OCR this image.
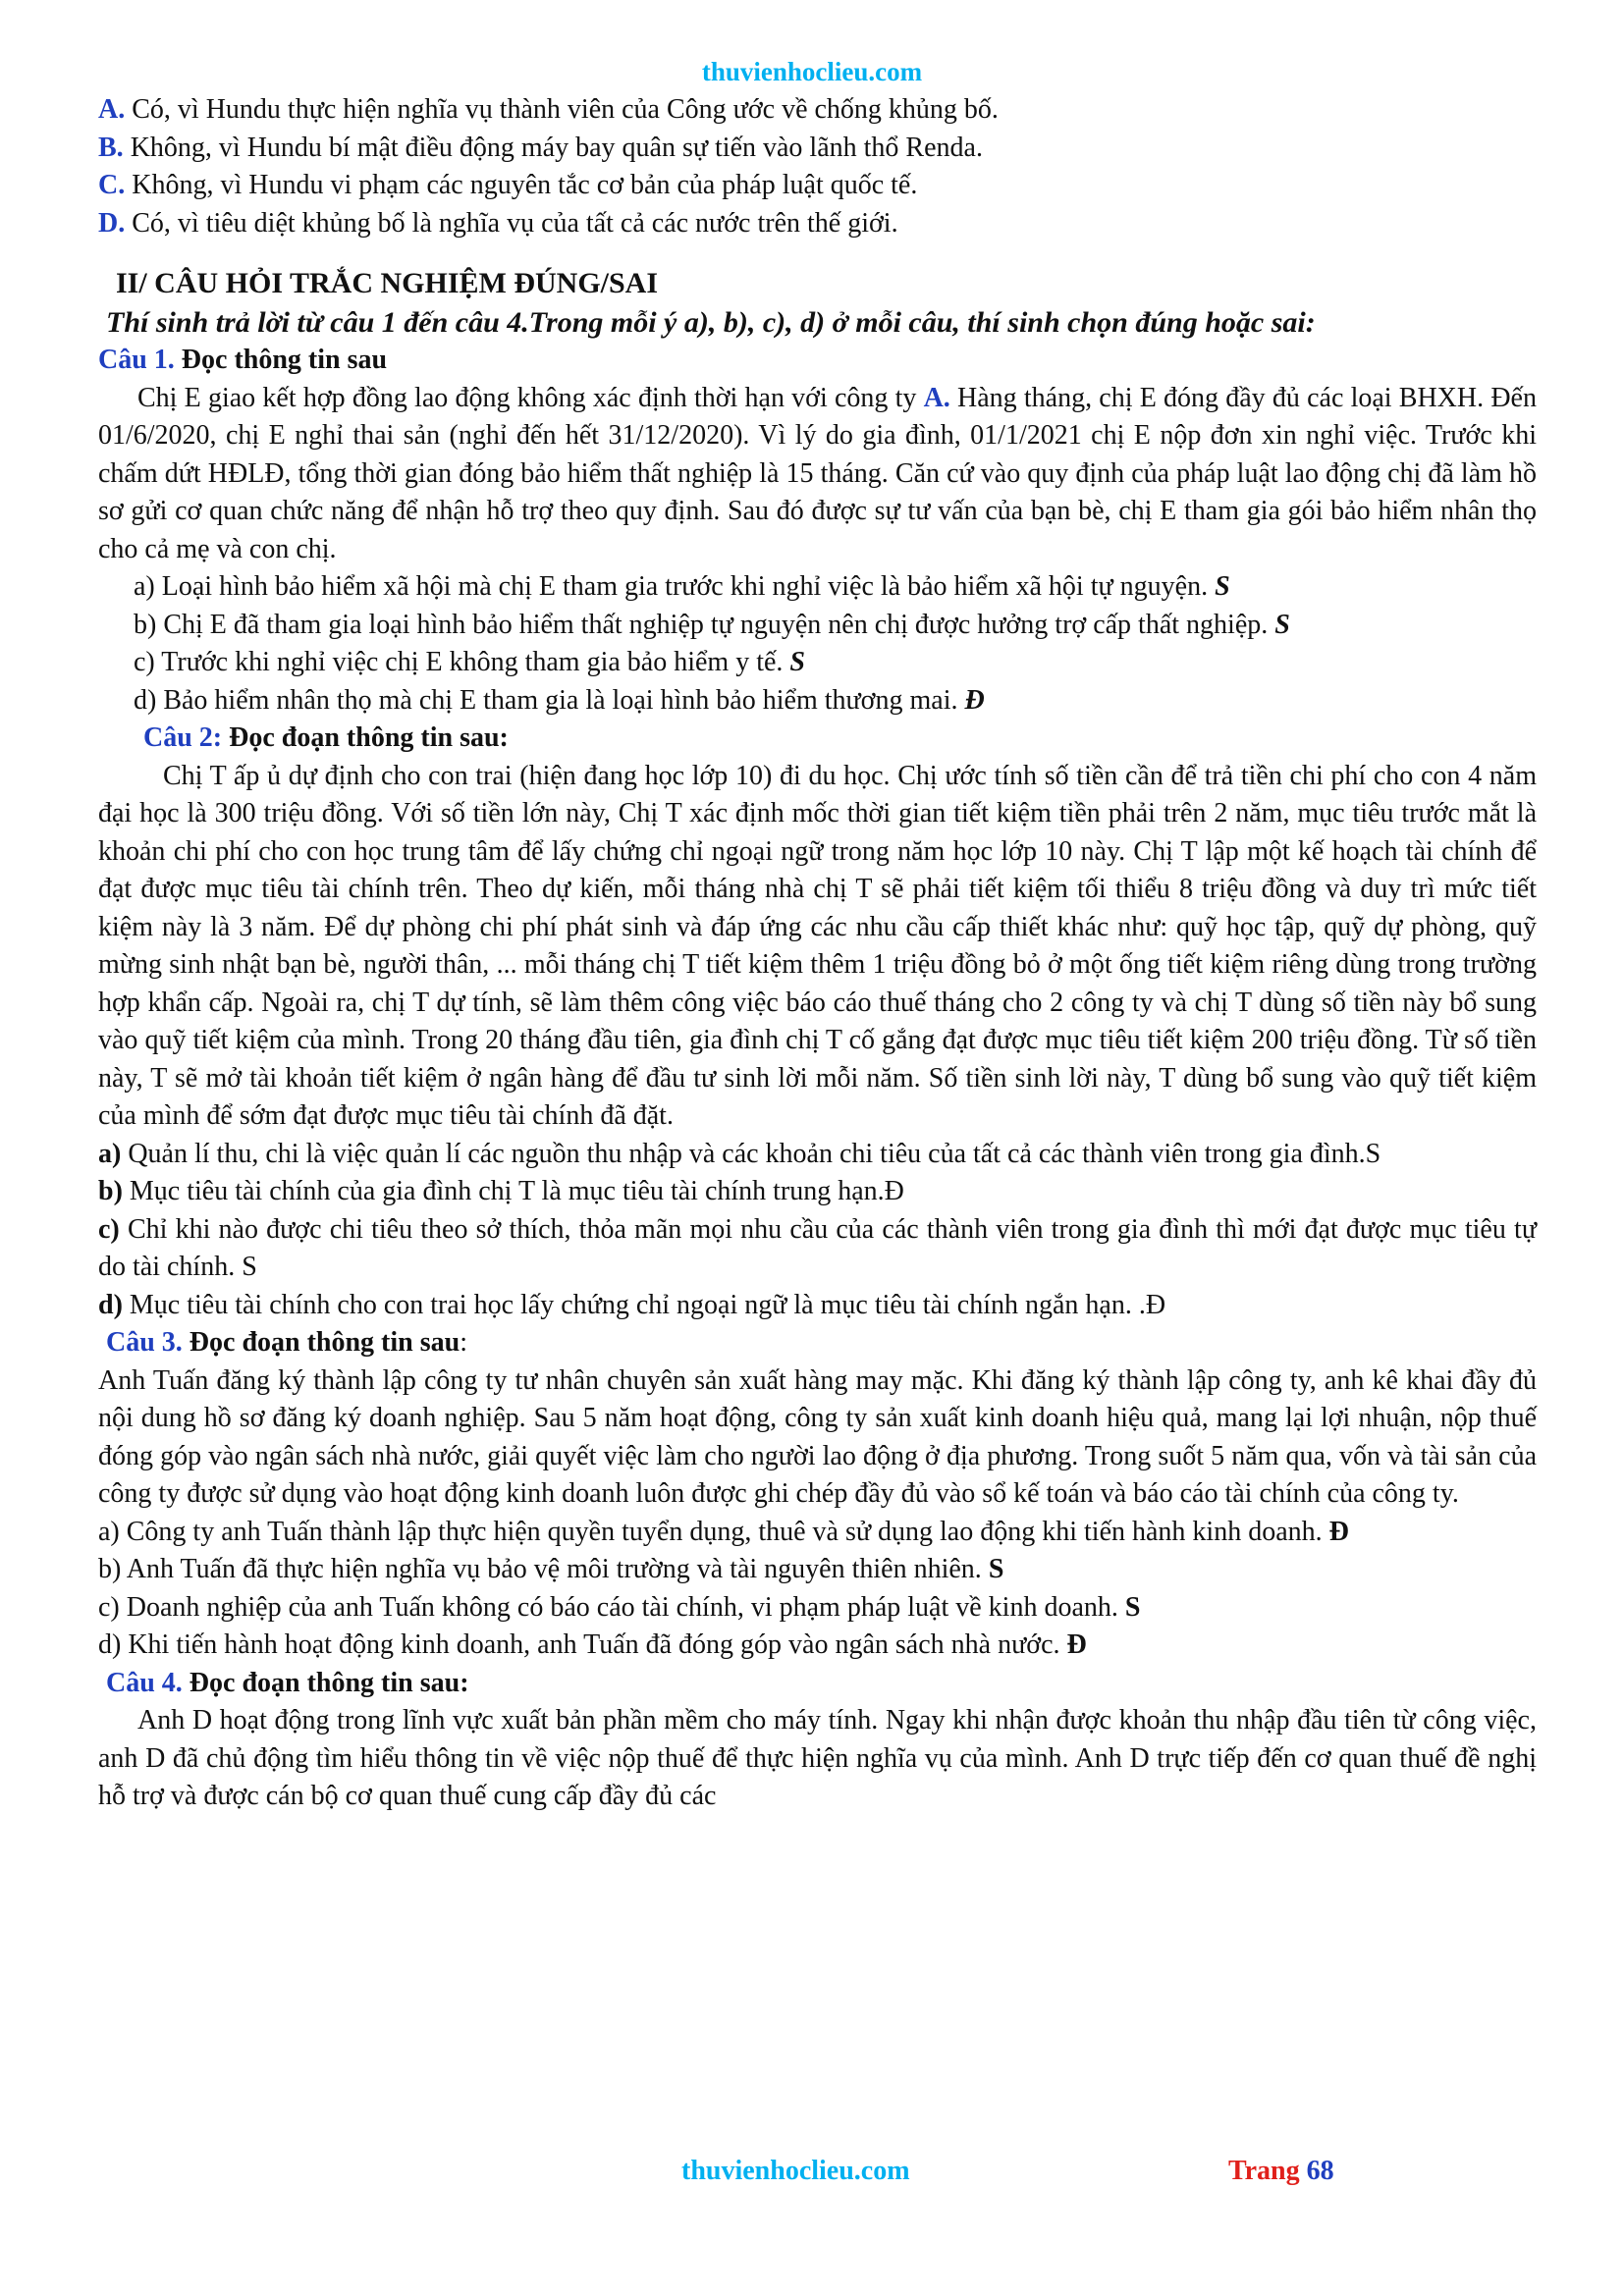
thuvienhoclieu.com

A. Có, vì Hundu thực hiện nghĩa vụ thành viên của Công ước về chống khủng bố.

B. Không, vì Hundu bí mật điều động máy bay quân sự tiến vào lãnh thổ Renda.

C. Không, vì Hundu vi phạm các nguyên tắc cơ bản của pháp luật quốc tế.

D. Có, vì tiêu diệt khủng bố là nghĩa vụ của tất cả các nước trên thế giới.

II/ CÂU HỎI TRẮC NGHIỆM ĐÚNG/SAI

Thí sinh trả lời từ câu 1 đến câu 4.Trong mỗi ý a), b), c), d) ở mỗi câu, thí sinh chọn đúng hoặc sai:

Câu 1. Đọc thông tin sau

Chị E giao kết hợp đồng lao động không xác định thời hạn với công ty A. Hàng tháng, chị E đóng đầy đủ các loại BHXH. Đến 01/6/2020, chị E nghỉ thai sản (nghỉ đến hết 31/12/2020). Vì lý do gia đình, 01/1/2021 chị E nộp đơn xin nghỉ việc. Trước khi chấm dứt HĐLĐ, tổng thời gian đóng bảo hiểm thất nghiệp là 15 tháng. Căn cứ vào quy định của pháp luật lao động chị đã làm hồ sơ gửi cơ quan chức năng để nhận hỗ trợ theo quy định. Sau đó được sự tư vấn của bạn bè, chị E tham gia gói bảo hiểm nhân thọ cho cả mẹ và con chị.

a) Loại hình bảo hiểm xã hội mà chị E tham gia trước khi nghỉ việc là bảo hiểm xã hội tự nguyện. S

b) Chị E đã tham gia loại hình bảo hiểm thất nghiệp tự nguyện nên chị được hưởng trợ cấp thất nghiệp. S

c) Trước khi nghỉ việc chị E không tham gia bảo hiểm y tế. S

d) Bảo hiểm nhân thọ mà chị E tham gia là loại hình bảo hiểm thương mai. Đ

Câu 2: Đọc đoạn thông tin sau:

Chị T ấp ủ dự định cho con trai (hiện đang học lớp 10) đi du học. Chị ước tính số tiền cần để trả tiền chi phí cho con 4 năm đại học là 300 triệu đồng. Với số tiền lớn này, Chị T xác định mốc thời gian tiết kiệm tiền phải trên 2 năm, mục tiêu trước mắt là khoản chi phí cho con học trung tâm để lấy chứng chỉ ngoại ngữ trong năm học lớp 10 này. Chị T lập một kế hoạch tài chính để đạt được mục tiêu tài chính trên. Theo dự kiến, mỗi tháng nhà chị T sẽ phải tiết kiệm tối thiểu 8 triệu đồng và duy trì mức tiết kiệm này là 3 năm. Để dự phòng chi phí phát sinh và đáp ứng các nhu cầu cấp thiết khác như: quỹ học tập, quỹ dự phòng, quỹ mừng sinh nhật bạn bè, người thân, ... mỗi tháng chị T tiết kiệm thêm 1 triệu đồng bỏ ở một ống tiết kiệm riêng dùng trong trường hợp khẩn cấp. Ngoài ra, chị T dự tính, sẽ làm thêm công việc báo cáo thuế tháng cho 2 công ty và chị T dùng số tiền này bổ sung vào quỹ tiết kiệm của mình. Trong 20 tháng đầu tiên, gia đình chị T cố gắng đạt được mục tiêu tiết kiệm 200 triệu đồng. Từ số tiền này, T sẽ mở tài khoản tiết kiệm ở ngân hàng để đầu tư sinh lời mỗi năm. Số tiền sinh lời này, T dùng bổ sung vào quỹ tiết kiệm của mình để sớm đạt được mục tiêu tài chính đã đặt.

a) Quản lí thu, chi là việc quản lí các nguồn thu nhập và các khoản chi tiêu của tất cả các thành viên trong gia đình.S

b) Mục tiêu tài chính của gia đình chị T là mục tiêu tài chính trung hạn.Đ

c) Chỉ khi nào được chi tiêu theo sở thích, thỏa mãn mọi nhu cầu của các thành viên trong gia đình thì mới đạt được mục tiêu tự do tài chính. S

d) Mục tiêu tài chính cho con trai học lấy chứng chỉ ngoại ngữ là mục tiêu tài chính ngắn hạn. .Đ

Câu 3. Đọc đoạn thông tin sau:

Anh Tuấn đăng ký thành lập công ty tư nhân chuyên sản xuất hàng may mặc. Khi đăng ký thành lập công ty, anh kê khai đầy đủ nội dung hồ sơ đăng ký doanh nghiệp. Sau 5 năm hoạt động, công ty sản xuất kinh doanh hiệu quả, mang lại lợi nhuận, nộp thuế đóng góp vào ngân sách nhà nước, giải quyết việc làm cho người lao động ở địa phương. Trong suốt 5 năm qua, vốn và tài sản của công ty được sử dụng vào hoạt động kinh doanh luôn được ghi chép đầy đủ vào sổ kế toán và báo cáo tài chính của công ty.

a) Công ty anh Tuấn thành lập thực hiện quyền tuyển dụng, thuê và sử dụng lao động khi tiến hành kinh doanh. Đ

b) Anh Tuấn đã thực hiện nghĩa vụ bảo vệ môi trường và tài nguyên thiên nhiên. S

c) Doanh nghiệp của anh Tuấn không có báo cáo tài chính, vi phạm pháp luật về kinh doanh. S

d) Khi tiến hành hoạt động kinh doanh, anh Tuấn đã đóng góp vào ngân sách nhà nước. Đ

Câu 4. Đọc đoạn thông tin sau:

Anh D hoạt động trong lĩnh vực xuất bản phần mềm cho máy tính. Ngay khi nhận được khoản thu nhập đầu tiên từ công việc, anh D đã chủ động tìm hiểu thông tin về việc nộp thuế để thực hiện nghĩa vụ của mình. Anh D trực tiếp đến cơ quan thuế đề nghị hỗ trợ và được cán bộ cơ quan thuế cung cấp đầy đủ các

thuvienhoclieu.com	Trang 68
